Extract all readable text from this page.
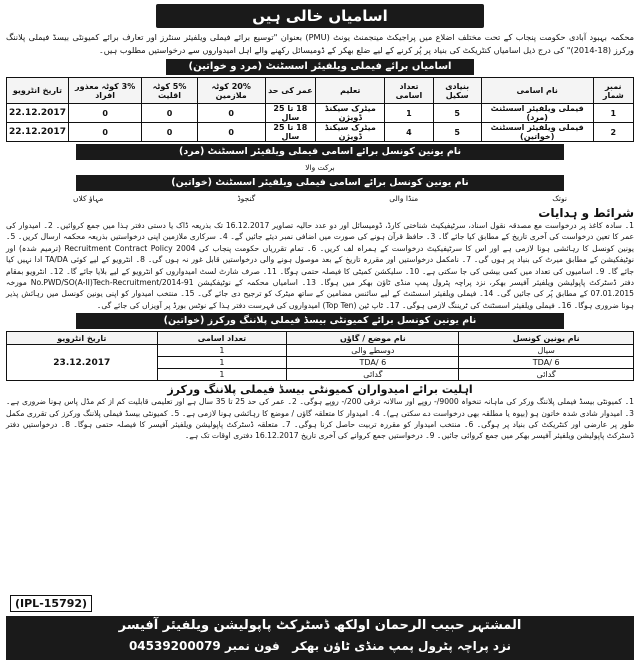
اسامیاں خالی ہیں

محکمہ بہبود آبادی حکومت پنجاب کے تحت مختلف اضلاع میں پراجیکٹ مینجمنٹ یونٹ (PMU) بعنوان "توسیع برائے فیملی ویلفیئر سنٹرز اور تعارف برائے کمیونٹی بیسڈ فیملی پلاننگ ورکرز (18-2014)" کی درج ذیل اسامیاں کنٹریکٹ کی بنیاد پر پُر کرنے کے لیے ضلع بھکر کے ڈومیسائل رکھنے والے اہل امیدواروں سے درخواستیں مطلوب ہیں۔

اسامیاں برائے فیملی ویلفیئر اسسٹنٹ (مرد و خواتین)
نمبر شمار	نام اسامی	بنیادی سکیل	تعداد اسامی	تعلیم	عمر کی حد	20% کوٹہ ملازمین	5% کوٹہ اقلیت	3% کوٹہ معذور افراد	تاریخ انٹرویو
1	فیملی ویلفیئر اسسٹنٹ (مرد)	5	1	میٹرک سیکنڈ ڈویژن	18 تا 25 سال	0	0	0	22.12.2017
2	فیملی ویلفیئر اسسٹنٹ (خواتین)	5	4	میٹرک سیکنڈ ڈویژن	18 تا 25 سال	0	0	0	22.12.2017
نام یونین کونسل برائے اسامی فیملی ویلفیئر اسسٹنٹ (مرد)
برکت والا
نام یونین کونسل برائے اسامی فیملی ویلفیئر اسسٹنٹ (خواتین)
نوتک
منڈا والی
گنجوڈ
مہاؤ کلاں
شرائط و ہدایات

1۔ سادہ کاغذ پر درخواست مع مصدقہ نقول اسناد، سرٹیفیکیٹ شناختی کارڈ، ڈومیسائل اور دو عدد حالیہ تصاویر 16.12.2017 تک بذریعہ ڈاک یا دستی دفتر ہذا میں جمع کروائیں۔ 2۔ امیدوار کی عمر کا تعین درخواست کی آخری تاریخ کے مطابق کیا جائے گا۔ 3۔ حافظ قرآن ہونے کی صورت میں اضافی نمبر دیئے جائیں گے۔ 4۔ سرکاری ملازمین اپنی درخواستیں بذریعہ محکمہ ارسال کریں۔ 5۔ یونین کونسل کا رہائشی ہونا لازمی ہے اور اس کا سرٹیفیکیٹ درخواست کے ہمراہ لف کریں۔ 6۔ تمام تقرریاں حکومت پنجاب کی Recruitment Contract Policy 2004 (ترمیم شدہ) اور نوٹیفکیشن کے مطابق میرٹ کی بنیاد پر ہوں گی۔ 7۔ نامکمل درخواستیں اور مقررہ تاریخ کے بعد موصول ہونے والی درخواستیں قابل غور نہ ہوں گی۔ 8۔ انٹرویو کے لیے کوئی TA/DA ادا نہیں کیا جائے گا۔ 9۔ اسامیوں کی تعداد میں کمی بیشی کی جا سکتی ہے۔ 10۔ سلیکشن کمیٹی کا فیصلہ حتمی ہوگا۔ 11۔ صرف شارٹ لسٹ امیدواروں کو انٹرویو کے لیے بلایا جائے گا۔ 12۔ انٹرویو بمقام دفتر ڈسٹرکٹ پاپولیشن ویلفیئر آفیسر بھکر، نزد پراچہ پٹرول پمپ منڈی ٹاؤن بھکر میں ہوگا۔ 13۔ اسامیاں محکمہ کے نوٹیفکیشن No.PWD/SO(A-II)Tech-Recruitment/2014-91 مورخہ 07.01.2015 کے مطابق پُر کی جائیں گی۔ 14۔ فیملی ویلفیئر اسسٹنٹ کے لیے سائنس مضامین کے ساتھ میٹرک کو ترجیح دی جائے گی۔ 15۔ منتخب امیدوار کو اپنی یونین کونسل میں رہائش پذیر ہونا ضروری ہوگا۔ 16۔ فیملی ویلفیئر اسسٹنٹ کی ٹریننگ لازمی ہوگی۔ 17۔ ٹاپ ٹین (Top Ten) امیدواروں کی فہرست دفتر ہذا کے نوٹس بورڈ پر آویزاں کی جائے گی۔

نام یونین کونسل برائے کمیونٹی بیسڈ فیملی پلاننگ ورکرز (خواتین)
نام یونین کونسل	نام موضع / گاؤں	تعداد اسامی	تاریخ انٹرویو
سیال	دوسطے والی	1	23.12.2017
6 /TDA	6 /TDA	1	
گدائی	گدائی	1	
اہلیت برائے امیدواران کمیونٹی بیسڈ فیملی پلاننگ ورکرز

1۔ کمیونٹی بیسڈ فیملی پلاننگ ورکر کی ماہانہ تنخواہ 9000/- روپے اور سالانہ ترقی 200/- روپے ہوگی۔ 2۔ عمر کی حد 25 تا 35 سال ہے اور تعلیمی قابلیت کم از کم مڈل پاس ہونا ضروری ہے۔ 3۔ امیدوار شادی شدہ خاتون ہو (بیوہ یا مطلقہ بھی درخواست دے سکتی ہے)۔ 4۔ امیدوار کا متعلقہ گاؤں / موضع کا رہائشی ہونا لازمی ہے۔ 5۔ کمیونٹی بیسڈ فیملی پلاننگ ورکرز کی تقرری مکمل طور پر عارضی اور کنٹریکٹ کی بنیاد پر ہوگی۔ 6۔ منتخب امیدوار کو مقررہ تربیت حاصل کرنا ہوگی۔ 7۔ متعلقہ ڈسٹرکٹ پاپولیشن ویلفیئر آفیسر کا فیصلہ حتمی ہوگا۔ 8۔ درخواستیں دفتر ڈسٹرکٹ پاپولیشن ویلفیئر آفیسر بھکر میں جمع کروائی جائیں۔ 9۔ درخواستیں جمع کروانے کی آخری تاریخ 16.12.2017 دفتری اوقات تک ہے۔

(IPL-15792)
المشتہر حبیب الرحمان اولکھ ڈسٹرکٹ پاپولیشن ویلفیئر آفیسر
نزد پراچہ پٹرول پمپ منڈی ٹاؤن بھکر   فون نمبر 04539200079
